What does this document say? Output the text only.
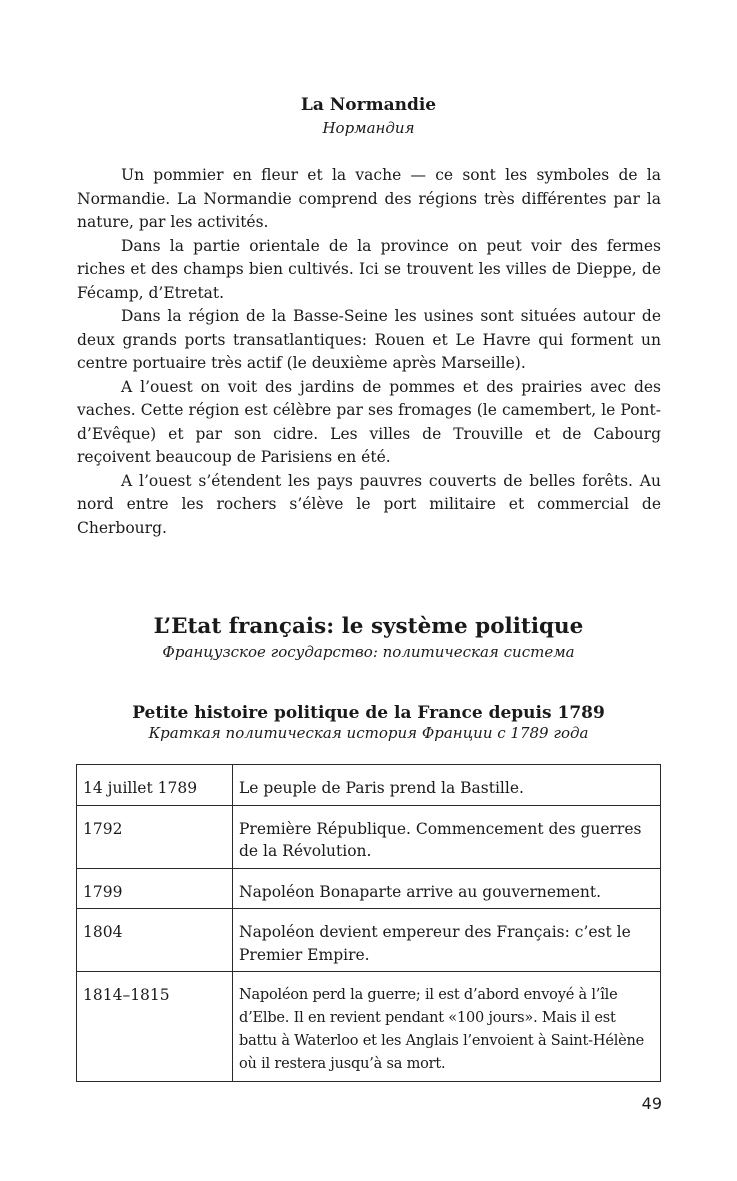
La Normandie
Нормандия

Un pommier en fleur et la vache — ce sont les symboles de la Normandie. La Normandie comprend des régions très différentes par la nature, par les activités.

Dans la partie orientale de la province on peut voir des fermes riches et des champs bien cultivés. Ici se trouvent les villes de Dieppe, de Fécamp, d’Etretat.

Dans la région de la Basse-Seine les usines sont situées autour de deux grands ports transatlantiques: Rouen et Le Havre qui forment un centre portuaire très actif (le deuxième après Marseille).

A l’ouest on voit des jardins de pommes et des prairies avec des vaches. Cette région est célèbre par ses fromages (le camembert, le Pont-d’Evêque) et par son cidre. Les villes de Trouville et de Cabourg reçoivent beaucoup de Parisiens en été.

A l’ouest s’étendent les pays pauvres couverts de belles forêts. Au nord entre les rochers s’élève le port militaire et commercial de Cherbourg.

L’Etat français: le système politique
Французское государство: политическая система
Petite histoire politique de la France depuis 1789
Краткая политическая история Франции с 1789 года
14 juillet 1789	Le peuple de Paris prend la Bastille.
1792	Première République. Commencement des guerres de la Révolution.
1799	Napoléon Bonaparte arrive au gouvernement.
1804	Napoléon devient empereur des Français: c’est le Premier Empire.
1814–1815	Napoléon perd la guerre; il est d’abord envoyé à l’île d’Elbe. Il en revient pendant «100 jours». Mais il est battu à Waterloo et les Anglais l’envoient à Saint-Hélène où il restera jusqu’à sa mort.
49
